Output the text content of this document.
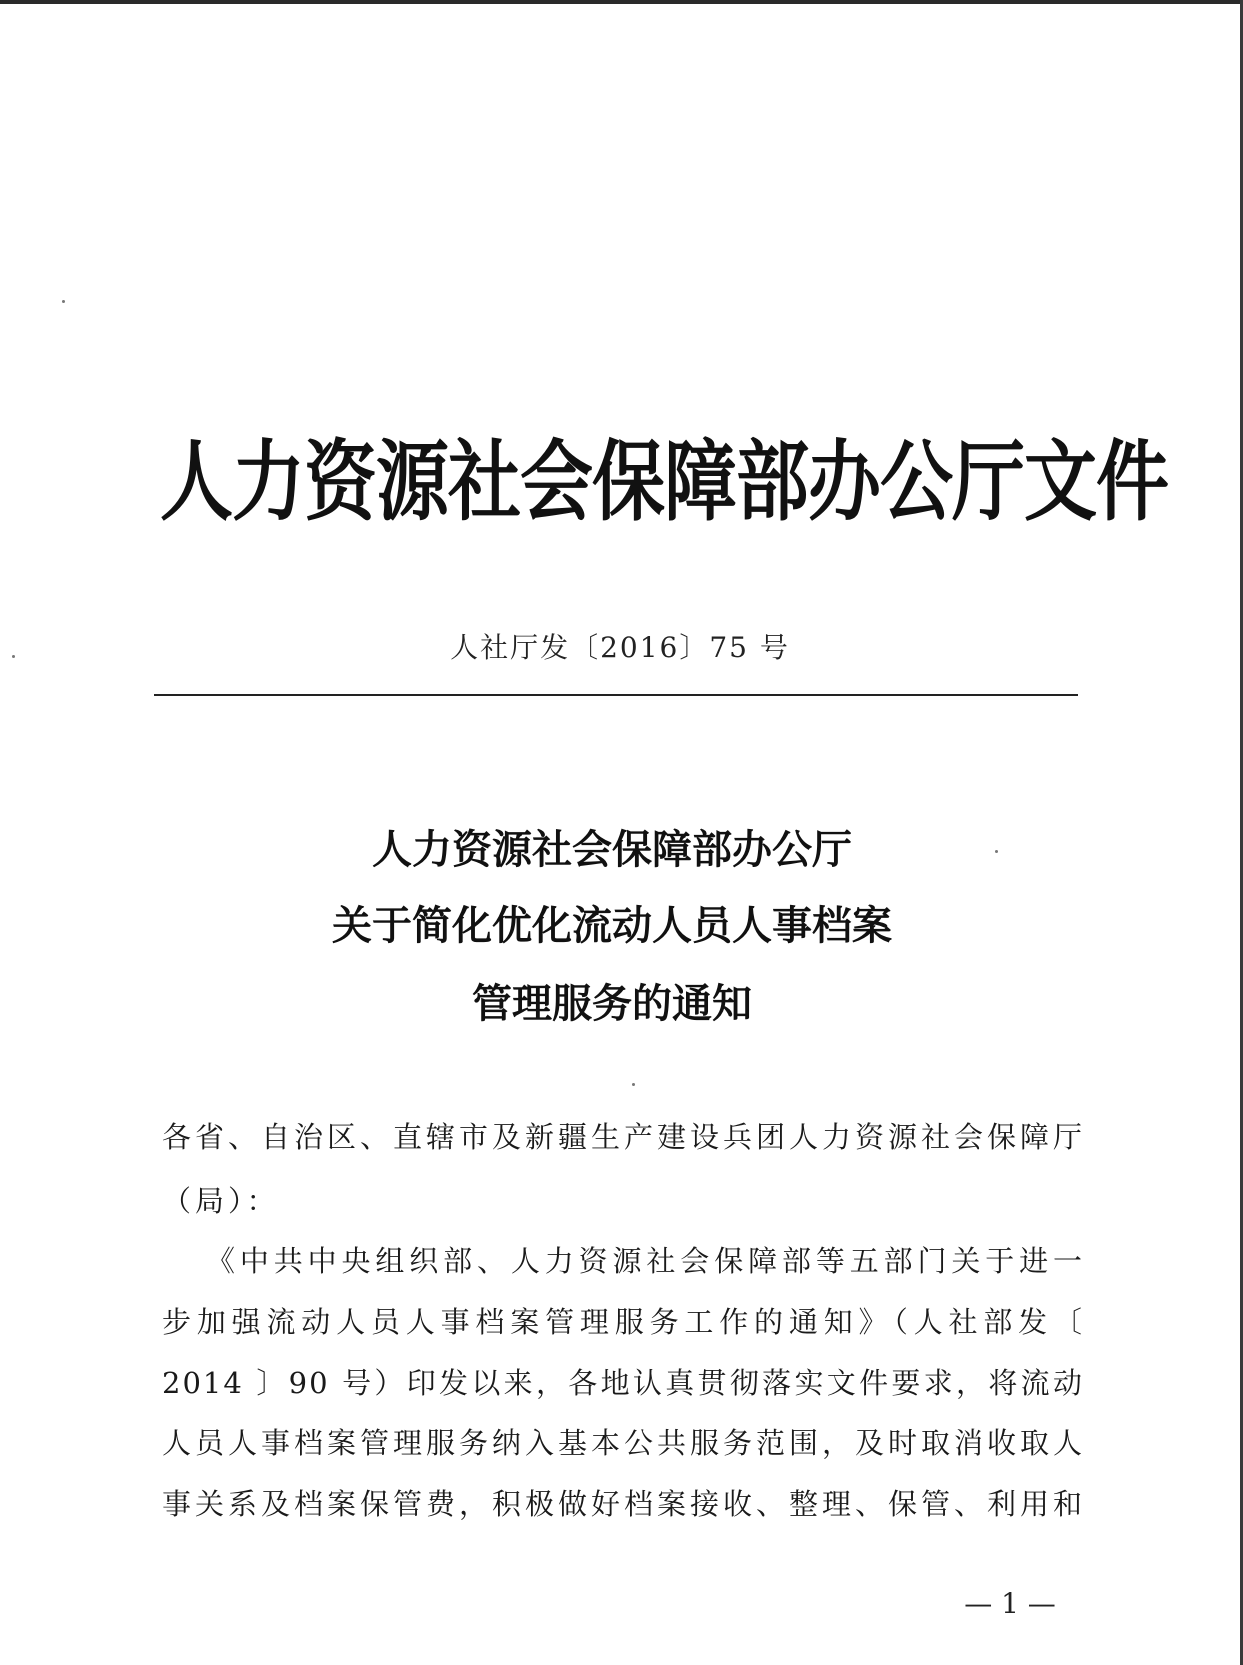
人力资源社会保障部办公厅文件
人社厅发〔2016〕75 号
人力资源社会保障部办公厅
关于简化优化流动人员人事档案
管理服务的通知
各省、自治区、直辖市及新疆生产建设兵团人力资源社会保障厅
（局）：
《中共中央组织部、人力资源社会保障部等五部门关于进一
步加强流动人员人事档案管理服务工作的通知》（人社部发〔
2014 〕90 号）印发以来，各地认真贯彻落实文件要求，将流动
人员人事档案管理服务纳入基本公共服务范围，及时取消收取人
事关系及档案保管费，积极做好档案接收、整理、保管、利用和
— 1 —
